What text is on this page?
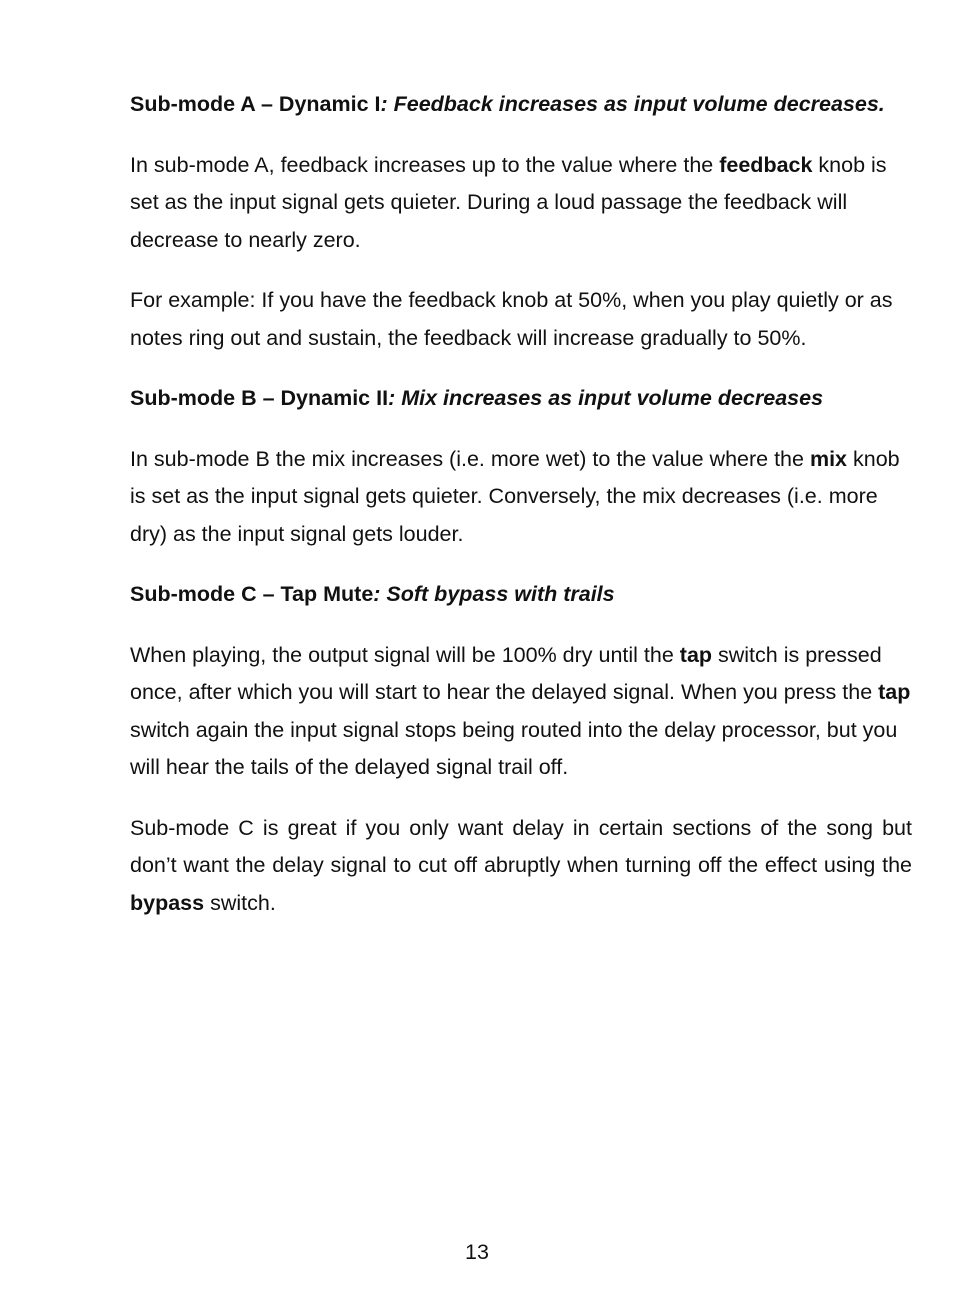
Sub-mode A – Dynamic I: Feedback increases as input volume decreases.

In sub-mode A, feedback increases up to the value where the feedback knob is set as the input signal gets quieter. During a loud passage the feedback will decrease to nearly zero.

For example: If you have the feedback knob at 50%, when you play quietly or as notes ring out and sustain, the feedback will increase gradually to 50%.

Sub-mode B – Dynamic II: Mix increases as input volume decreases

In sub-mode B the mix increases (i.e. more wet) to the value where the mix knob is set as the input signal gets quieter. Conversely, the mix decreases (i.e. more dry) as the input signal gets louder.

Sub-mode C – Tap Mute: Soft bypass with trails

When playing, the output signal will be 100% dry until the tap switch is pressed once, after which you will start to hear the delayed signal. When you press the tap switch again the input signal stops being routed into the delay processor, but you will hear the tails of the delayed signal trail off.

Sub-mode C is great if you only want delay in certain sections of the song but don’t want the delay signal to cut off abruptly when turning off the effect using the bypass switch.

13
